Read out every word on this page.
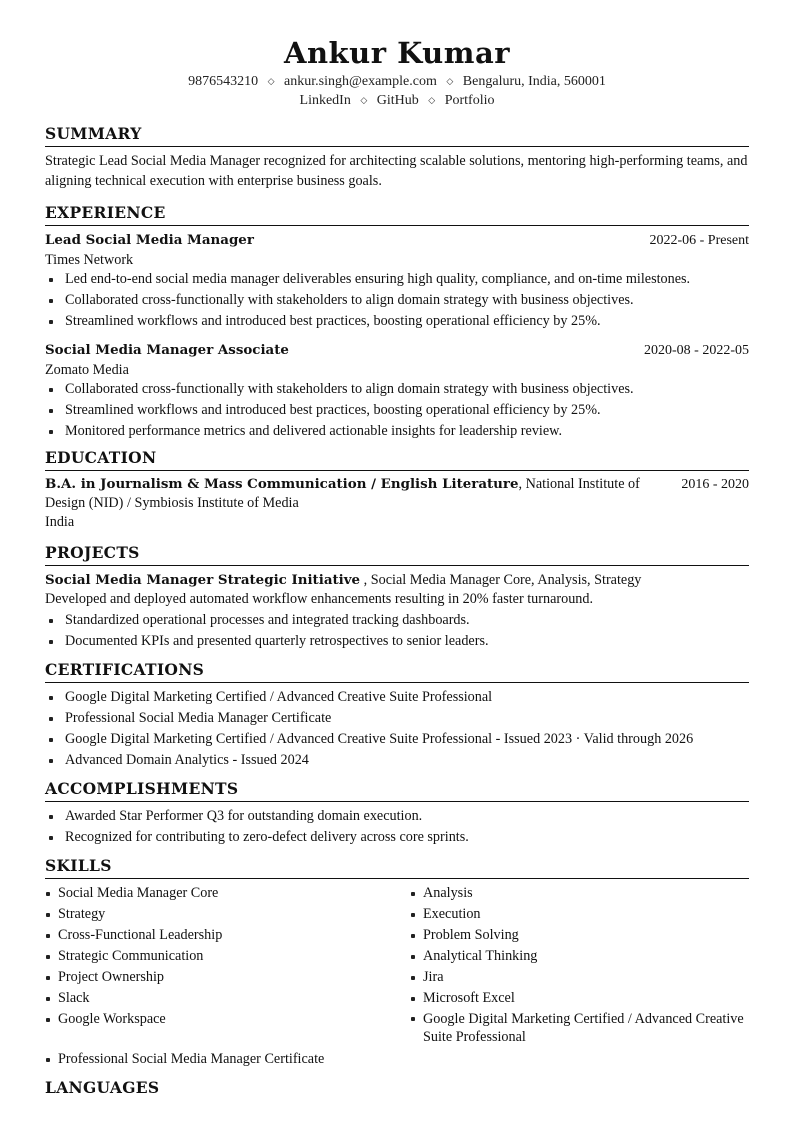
Ankur Kumar
9876543210 ◇ ankur.singh@example.com ◇ Bengaluru, India, 560001
LinkedIn ◇ GitHub ◇ Portfolio
SUMMARY
Strategic Lead Social Media Manager recognized for architecting scalable solutions, mentoring high-performing teams, and aligning technical execution with enterprise business goals.
EXPERIENCE
Lead Social Media Manager	2022-06 - Present
Times Network
Led end-to-end social media manager deliverables ensuring high quality, compliance, and on-time milestones.
Collaborated cross-functionally with stakeholders to align domain strategy with business objectives.
Streamlined workflows and introduced best practices, boosting operational efficiency by 25%.
Social Media Manager Associate	2020-08 - 2022-05
Zomato Media
Collaborated cross-functionally with stakeholders to align domain strategy with business objectives.
Streamlined workflows and introduced best practices, boosting operational efficiency by 25%.
Monitored performance metrics and delivered actionable insights for leadership review.
EDUCATION
B.A. in Journalism & Mass Communication / English Literature, National Institute of Design (NID) / Symbiosis Institute of Media
2016 - 2020
India
PROJECTS
Social Media Manager Strategic Initiative , Social Media Manager Core, Analysis, Strategy
Developed and deployed automated workflow enhancements resulting in 20% faster turnaround.
Standardized operational processes and integrated tracking dashboards.
Documented KPIs and presented quarterly retrospectives to senior leaders.
CERTIFICATIONS
Google Digital Marketing Certified / Advanced Creative Suite Professional
Professional Social Media Manager Certificate
Google Digital Marketing Certified / Advanced Creative Suite Professional - Issued 2023 · Valid through 2026
Advanced Domain Analytics - Issued 2024
ACCOMPLISHMENTS
Awarded Star Performer Q3 for outstanding domain execution.
Recognized for contributing to zero-defect delivery across core sprints.
SKILLS
Social Media Manager Core	Analysis
Strategy	Execution
Cross-Functional Leadership	Problem Solving
Strategic Communication	Analytical Thinking
Project Ownership	Jira
Slack	Microsoft Excel
Google Workspace	Google Digital Marketing Certified / Advanced Creative Suite Professional
Professional Social Media Manager Certificate
LANGUAGES
